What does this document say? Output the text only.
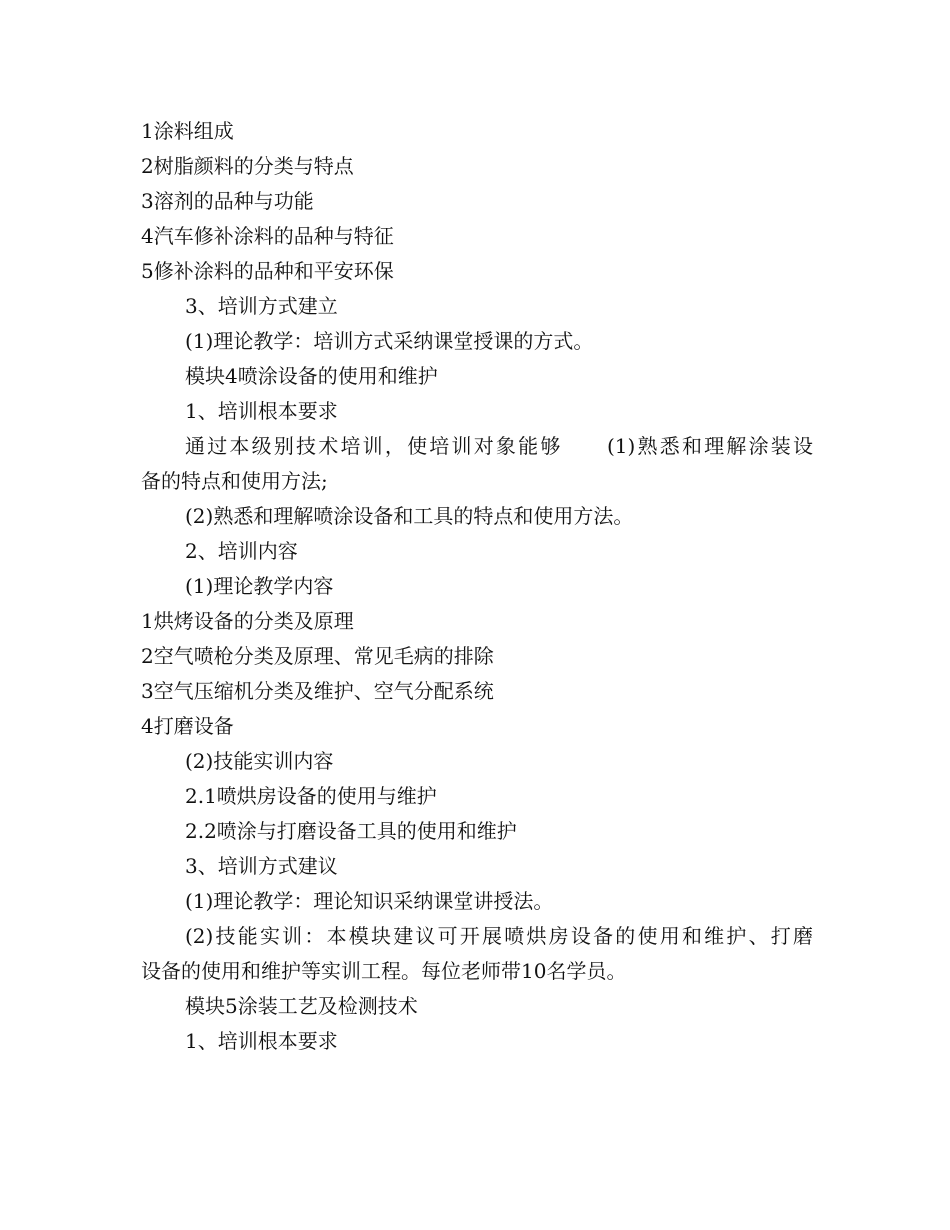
1涂料组成
2树脂颜料的分类与特点
3溶剂的品种与功能
4汽车修补涂料的品种与特征
5修补涂料的品种和平安环保
3、培训方式建立
(1)理论教学：培训方式采纳课堂授课的方式。
模块4喷涂设备的使用和维护
1、培训根本要求
通过本级别技术培训，使培训对象能够　　(1)熟悉和理解涂装设
备的特点和使用方法;
(2)熟悉和理解喷涂设备和工具的特点和使用方法。
2、培训内容
(1)理论教学内容
1烘烤设备的分类及原理
2空气喷枪分类及原理、常见毛病的排除
3空气压缩机分类及维护、空气分配系统
4打磨设备
(2)技能实训内容
2.1喷烘房设备的使用与维护
2.2喷涂与打磨设备工具的使用和维护
3、培训方式建议
(1)理论教学：理论知识采纳课堂讲授法。
(2)技能实训：本模块建议可开展喷烘房设备的使用和维护、打磨
设备的使用和维护等实训工程。每位老师带10名学员。
模块5涂装工艺及检测技术
1、培训根本要求
